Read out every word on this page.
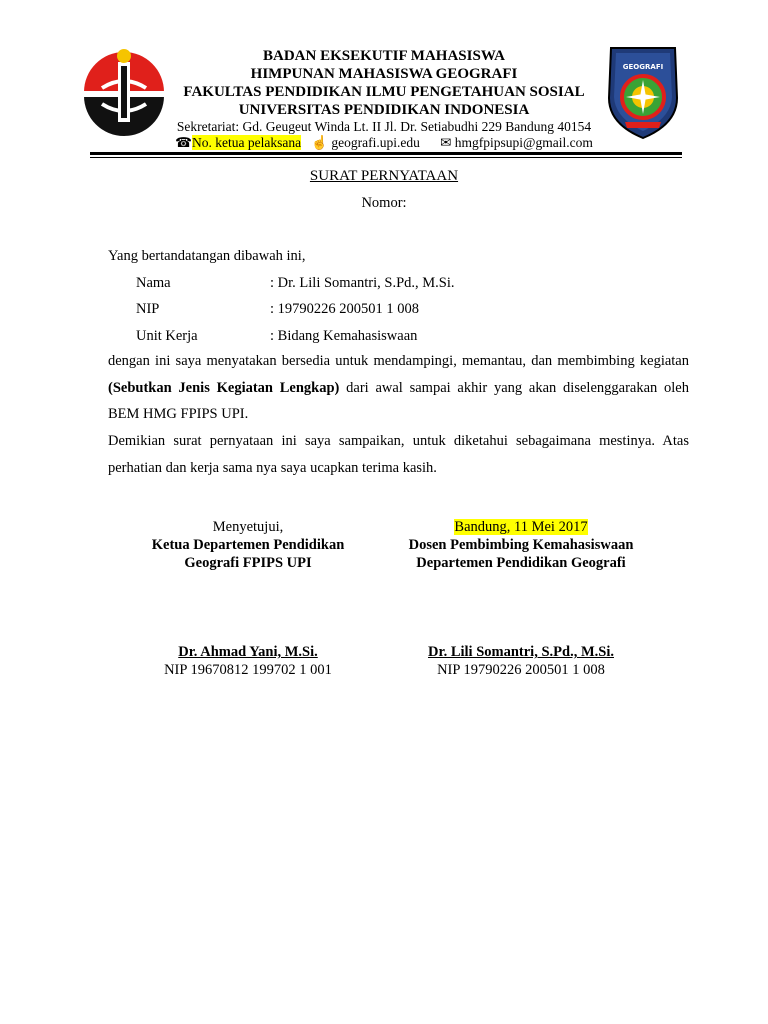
GEOGRAFI
BADAN EKSEKUTIF MAHASISWA
HIMPUNAN MAHASISWA GEOGRAFI
FAKULTAS PENDIDIKAN ILMU PENGETAHUAN SOSIAL
UNIVERSITAS PENDIDIKAN INDONESIA
Sekretariat: Gd. Geugeut Winda Lt. II Jl. Dr. Setiabudhi 229 Bandung 40154
☎No. ketua pelaksana ☝ geografi.upi.edu ✉ hmgfpipsupi@gmail.com
SURAT PERNYATAAN
Nomor:
Yang bertandatangan dibawah ini,
Nama	: Dr. Lili Somantri, S.Pd., M.Si.
NIP	: 19790226 200501 1 008
Unit Kerja	: Bidang Kemahasiswaan
dengan ini saya menyatakan bersedia untuk mendampingi, memantau, dan membimbing kegiatan (Sebutkan Jenis Kegiatan Lengkap) dari awal sampai akhir yang akan diselenggarakan oleh BEM HMG FPIPS UPI.
Demikian surat pernyataan ini saya sampaikan, untuk diketahui sebagaimana mestinya. Atas perhatian dan kerja sama nya saya ucapkan terima kasih.
Menyetujui,
Ketua Departemen Pendidikan
Geografi FPIPS UPI
Bandung, 11 Mei 2017
Dosen Pembimbing Kemahasiswaan
Departemen Pendidikan Geografi
Dr. Ahmad Yani, M.Si.
NIP 19670812 199702 1 001
Dr. Lili Somantri, S.Pd., M.Si.
NIP 19790226 200501 1 008
